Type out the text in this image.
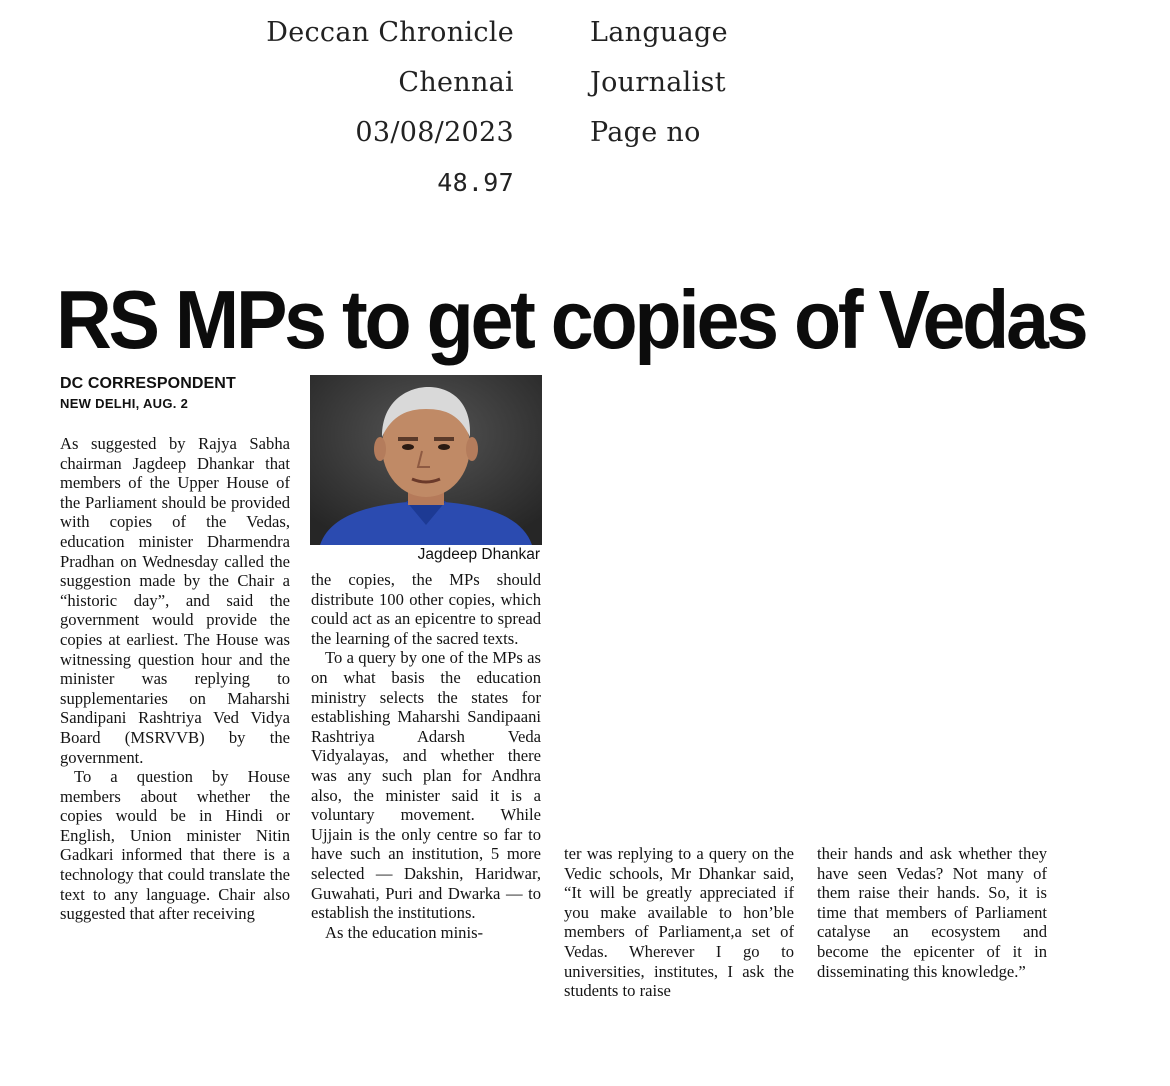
Deccan Chronicle
Chennai
03/08/2023
48.97
Language
Journalist
Page no
RS MPs to get copies of Vedas
DC CORRESPONDENT
NEW DELHI, AUG. 2
Jagdeep Dhankar

As suggested by Rajya Sabha chairman Jagdeep Dhankar that members of the Upper House of the Parliament should be provided with copies of the Vedas, education minister Dharmendra Pradhan on Wednesday called the suggestion made by the Chair a “historic day”, and said the government would provide the copies at earliest. The House was witnessing question hour and the minister was replying to supplementaries on Maharshi Sandipani Rashtriya Ved Vidya Board (MSRVVB) by the government.

To a question by House members about whether the copies would be in Hindi or English, Union minister Nitin Gadkari informed that there is a technology that could translate the text to any language. Chair also suggested that after receiving

the copies, the MPs should distribute 100 other copies, which could act as an epicentre to spread the learning of the sacred texts.

To a query by one of the MPs as on what basis the education ministry selects the states for establishing Maharshi Sandipaani Rashtriya Adarsh Veda Vidyalayas, and whether there was any such plan for Andhra also, the minister said it is a voluntary movement. While Ujjain is the only centre so far to have such an institution, 5 more selected — Dakshin, Haridwar, Guwahati, Puri and Dwarka — to establish the institutions.

As the education minis-

ter was replying to a query on the Vedic schools, Mr Dhankar said, “It will be greatly appreciated if you make available to hon’ble members of Parliament,a set of Vedas. Wherever I go to universities, institutes, I ask the students to raise

their hands and ask whether they have seen Vedas? Not many of them raise their hands. So, it is time that members of Parliament catalyse an ecosystem and become the epicenter of it in disseminating this knowledge.”
